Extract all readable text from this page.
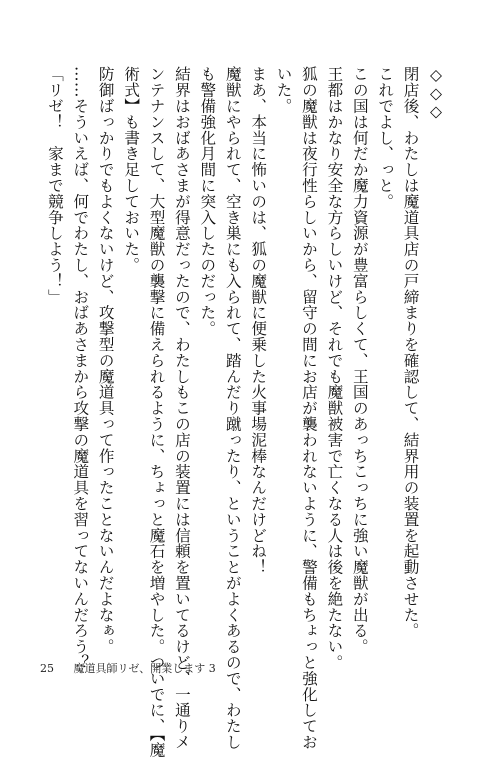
◇◇◇
閉店後、わたしは魔道具店の戸締まりを確認して、結界用の装置を起動させた。
これでよし、っと。
この国は何だか魔力資源が豊富らしくて、王国のあっちこっちに強い魔獣が出る。
王都はかなり安全な方らしいけど、それでも魔獣被害で亡くなる人は後を絶たない。
狐の魔獣は夜行性らしいから、留守の間にお店が襲われないように、警備もちょっと強化してお
いた。
まあ、本当に怖いのは、狐の魔獣に便乗した火事場泥棒なんだけどね！
魔獣にやられて、空き巣にも入られて、踏んだり蹴ったり、ということがよくあるので、わたし
も警備強化月間に突入したのだった。
結界はおばあさまが得意だったので、わたしもこの店の装置には信頼を置いてるけど、一通りメ
ンテナンスして、大型魔獣の襲撃に備えられるように、ちょっと魔石を増やした。ついでに、【魔
術式】も書き足しておいた。
防御ばっかりでもよくないけど、攻撃型の魔道具って作ったことないんだよなぁ。
……そういえば、何でわたし、おばあさまから攻撃の魔道具を習ってないんだろう？
「リゼ！　家まで競争しよう！」
25 魔道具師リゼ、開業します 3
